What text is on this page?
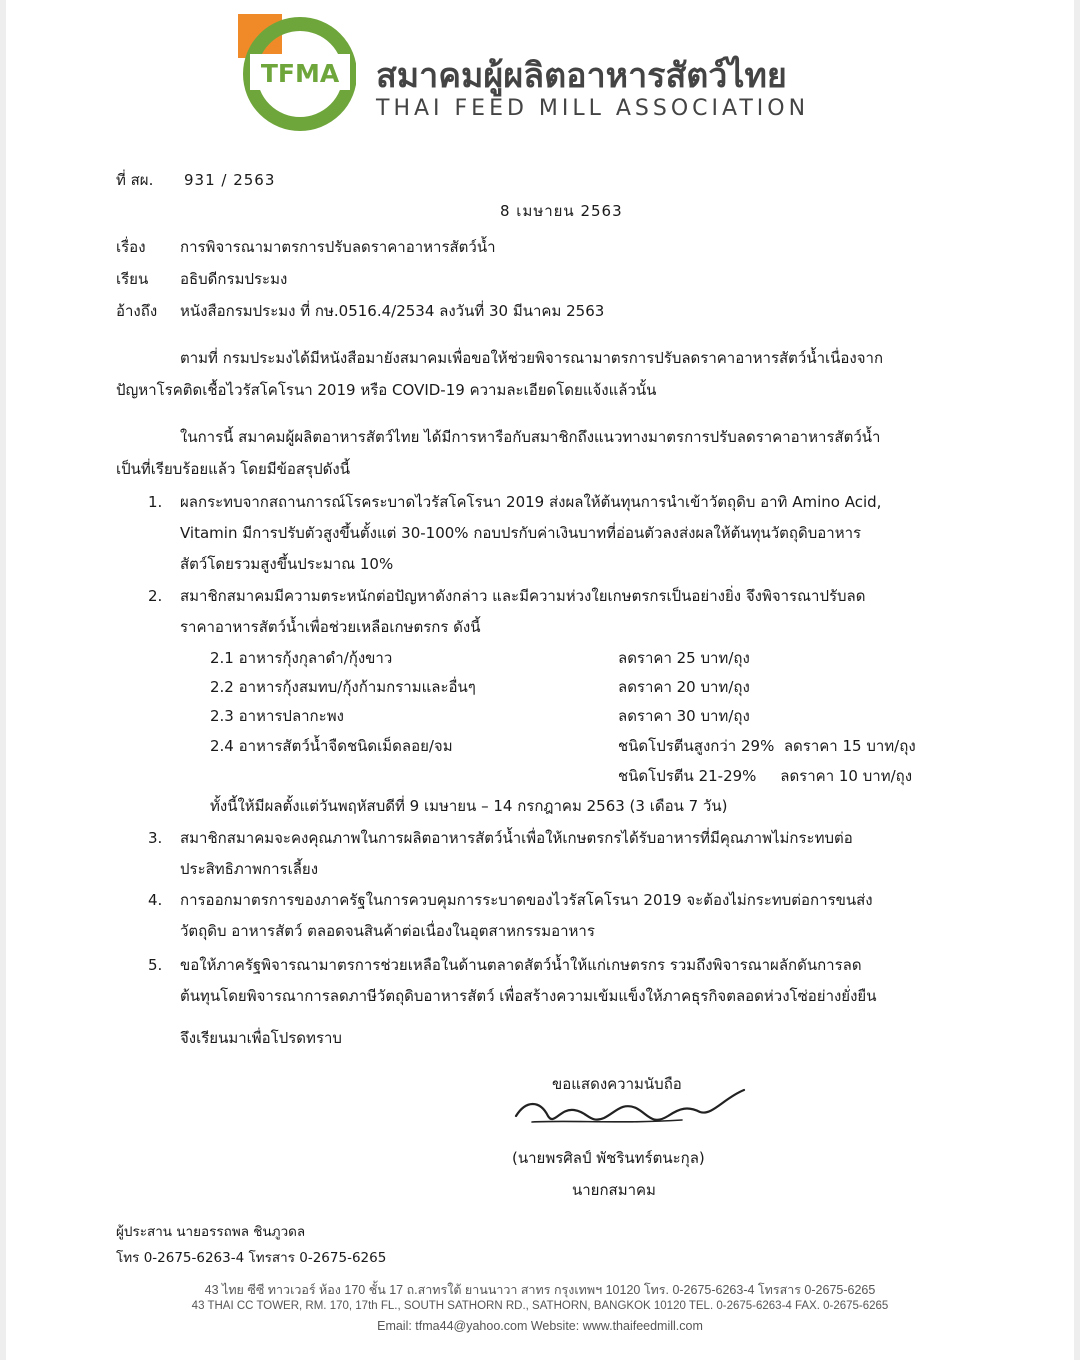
TFMA สมาคมผู้ผลิตอาหารสัตว์ไทย
THAI FEED MILL ASSOCIATION
ที่ สผ. 931 / 2563
8 เมษายน 2563
เรื่อง การพิจารณามาตรการปรับลดราคาอาหารสัตว์น้ำ
เรียน อธิบดีกรมประมง
อ้างถึง หนังสือกรมประมง ที่ กษ.0516.4/2534 ลงวันที่ 30 มีนาคม 2563
ตามที่ กรมประมงได้มีหนังสือมายังสมาคมเพื่อขอให้ช่วยพิจารณามาตรการปรับลดราคาอาหารสัตว์น้ำเนื่องจาก
ปัญหาโรคติดเชื้อไวรัสโคโรนา 2019 หรือ COVID-19 ความละเอียดโดยแจ้งแล้วนั้น
ในการนี้ สมาคมผู้ผลิตอาหารสัตว์ไทย ได้มีการหารือกับสมาชิกถึงแนวทางมาตรการปรับลดราคาอาหารสัตว์น้ำ
เป็นที่เรียบร้อยแล้ว โดยมีข้อสรุปดังนี้
1. ผลกระทบจากสถานการณ์โรคระบาดไวรัสโคโรนา 2019 ส่งผลให้ต้นทุนการนำเข้าวัตถุดิบ อาทิ Amino Acid,
Vitamin มีการปรับตัวสูงขึ้นตั้งแต่ 30-100% กอบปรกับค่าเงินบาทที่อ่อนตัวลงส่งผลให้ต้นทุนวัตถุดิบอาหาร
สัตว์โดยรวมสูงขึ้นประมาณ 10%
2. สมาชิกสมาคมมีความตระหนักต่อปัญหาดังกล่าว และมีความห่วงใยเกษตรกรเป็นอย่างยิ่ง จึงพิจารณาปรับลด
ราคาอาหารสัตว์น้ำเพื่อช่วยเหลือเกษตรกร ดังนี้
2.1 อาหารกุ้งกุลาดำ/กุ้งขาว	ลดราคา 25 บาท/ถุง
2.2 อาหารกุ้งสมทบ/กุ้งก้ามกรามและอื่นๆ	ลดราคา 20 บาท/ถุง
2.3 อาหารปลากะพง	ลดราคา 30 บาท/ถุง
2.4 อาหารสัตว์น้ำจืดชนิดเม็ดลอย/จม	ชนิดโปรตีนสูงกว่า 29%  ลดราคา 15 บาท/ถุง
ชนิดโปรตีน 21-29%     ลดราคา 10 บาท/ถุง
ทั้งนี้ให้มีผลตั้งแต่วันพฤหัสบดีที่ 9 เมษายน – 14 กรกฎาคม 2563 (3 เดือน 7 วัน)
3. สมาชิกสมาคมจะคงคุณภาพในการผลิตอาหารสัตว์น้ำเพื่อให้เกษตรกรได้รับอาหารที่มีคุณภาพไม่กระทบต่อ
ประสิทธิภาพการเลี้ยง
4. การออกมาตรการของภาครัฐในการควบคุมการระบาดของไวรัสโคโรนา 2019 จะต้องไม่กระทบต่อการขนส่ง
วัตถุดิบ อาหารสัตว์ ตลอดจนสินค้าต่อเนื่องในอุตสาหกรรมอาหาร
5. ขอให้ภาครัฐพิจารณามาตรการช่วยเหลือในด้านตลาดสัตว์น้ำให้แก่เกษตรกร รวมถึงพิจารณาผลักดันการลด
ต้นทุนโดยพิจารณาการลดภาษีวัตถุดิบอาหารสัตว์ เพื่อสร้างความเข้มแข็งให้ภาคธุรกิจตลอดห่วงโซ่อย่างยั่งยืน
จึงเรียนมาเพื่อโปรดทราบ
ขอแสดงความนับถือ
(นายพรศิลป์ พัชรินทร์ตนะกุล)
นายกสมาคม
ผู้ประสาน นายอรรถพล ชินภูวดล
โทร 0-2675-6263-4 โทรสาร 0-2675-6265
43 ไทย ซีซี ทาวเวอร์ ห้อง 170 ชั้น 17 ถ.สาทรใต้ ยานนาวา สาทร กรุงเทพฯ 10120 โทร. 0-2675-6263-4 โทรสาร 0-2675-6265
43 THAI CC TOWER, RM. 170, 17th FL., SOUTH SATHORN RD., SATHORN, BANGKOK 10120 TEL. 0-2675-6263-4 FAX. 0-2675-6265
Email: tfma44@yahoo.com Website: www.thaifeedmill.com
